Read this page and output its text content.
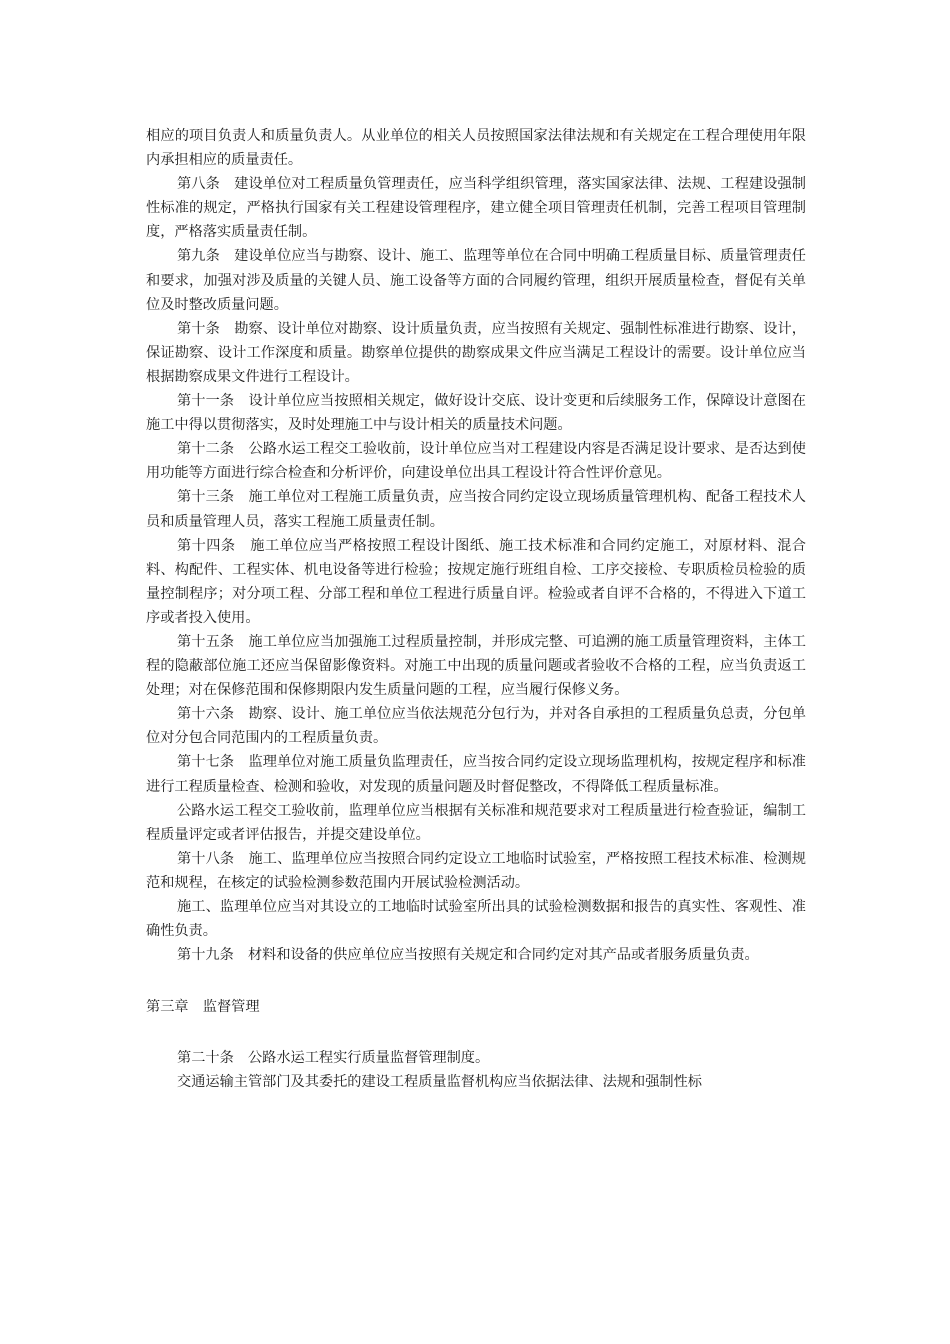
相应的项目负责人和质量负责人。从业单位的相关人员按照国家法律法规和有关规定在工程合理使用年限内承担相应的质量责任。

第八条　建设单位对工程质量负管理责任，应当科学组织管理，落实国家法律、法规、工程建设强制性标准的规定，严格执行国家有关工程建设管理程序，建立健全项目管理责任机制，完善工程项目管理制度，严格落实质量责任制。

第九条　建设单位应当与勘察、设计、施工、监理等单位在合同中明确工程质量目标、质量管理责任和要求，加强对涉及质量的关键人员、施工设备等方面的合同履约管理，组织开展质量检查，督促有关单位及时整改质量问题。

第十条　勘察、设计单位对勘察、设计质量负责，应当按照有关规定、强制性标准进行勘察、设计，保证勘察、设计工作深度和质量。勘察单位提供的勘察成果文件应当满足工程设计的需要。设计单位应当根据勘察成果文件进行工程设计。

第十一条　设计单位应当按照相关规定，做好设计交底、设计变更和后续服务工作，保障设计意图在施工中得以贯彻落实，及时处理施工中与设计相关的质量技术问题。

第十二条　公路水运工程交工验收前，设计单位应当对工程建设内容是否满足设计要求、是否达到使用功能等方面进行综合检查和分析评价，向建设单位出具工程设计符合性评价意见。

第十三条　施工单位对工程施工质量负责，应当按合同约定设立现场质量管理机构、配备工程技术人员和质量管理人员，落实工程施工质量责任制。

第十四条　施工单位应当严格按照工程设计图纸、施工技术标准和合同约定施工，对原材料、混合料、构配件、工程实体、机电设备等进行检验；按规定施行班组自检、工序交接检、专职质检员检验的质量控制程序；对分项工程、分部工程和单位工程进行质量自评。检验或者自评不合格的，不得进入下道工序或者投入使用。

第十五条　施工单位应当加强施工过程质量控制，并形成完整、可追溯的施工质量管理资料，主体工程的隐蔽部位施工还应当保留影像资料。对施工中出现的质量问题或者验收不合格的工程，应当负责返工处理；对在保修范围和保修期限内发生质量问题的工程，应当履行保修义务。

第十六条　勘察、设计、施工单位应当依法规范分包行为，并对各自承担的工程质量负总责，分包单位对分包合同范围内的工程质量负责。

第十七条　监理单位对施工质量负监理责任，应当按合同约定设立现场监理机构，按规定程序和标准进行工程质量检查、检测和验收，对发现的质量问题及时督促整改，不得降低工程质量标准。

公路水运工程交工验收前，监理单位应当根据有关标准和规范要求对工程质量进行检查验证，编制工程质量评定或者评估报告，并提交建设单位。

第十八条　施工、监理单位应当按照合同约定设立工地临时试验室，严格按照工程技术标准、检测规范和规程，在核定的试验检测参数范围内开展试验检测活动。

施工、监理单位应当对其设立的工地临时试验室所出具的试验检测数据和报告的真实性、客观性、准确性负责。

第十九条　材料和设备的供应单位应当按照有关规定和合同约定对其产品或者服务质量负责。

第三章　监督管理

第二十条　公路水运工程实行质量监督管理制度。

交通运输主管部门及其委托的建设工程质量监督机构应当依据法律、法规和强制性标
